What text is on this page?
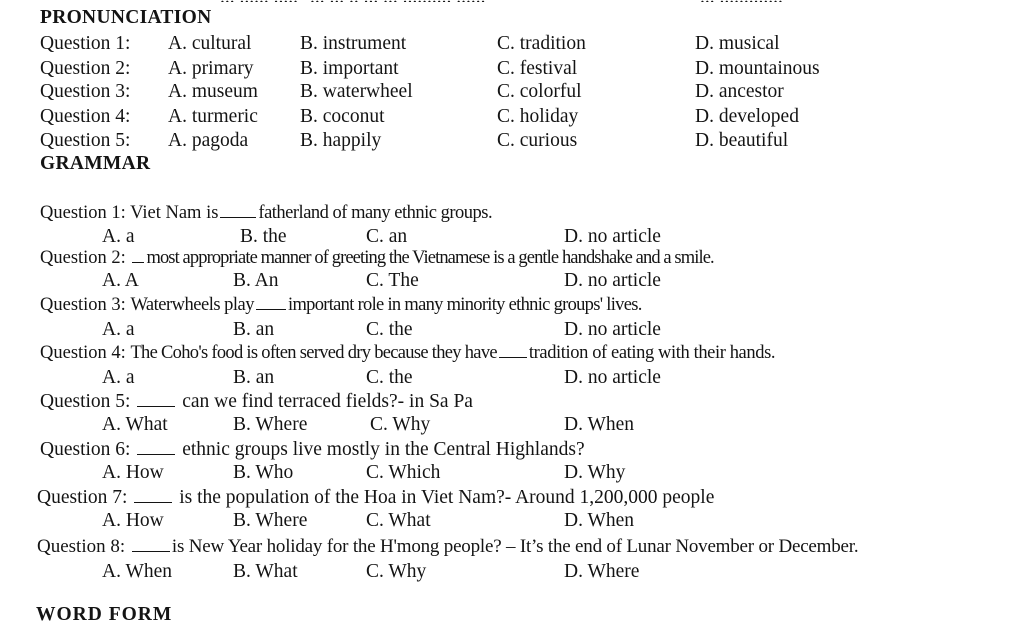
PRONUNCIATION
Question 1: A. cultural B. instrument	C. tradition	D. musical
Question 2: A. primary B. important	C. festival	D. mountainous
Question 3: A. museum B. waterwheel	C. colorful	D. ancestor
Question 4: A. turmeric B. coconut	C. holiday	D. developed
Question 5: A. pagoda	B. happily	C. curious	D. beautiful
GRAMMAR
Question 1: Viet Nam is fatherland of many ethnic groups.
A. a	B. the	C. an	D. no article
Question 2: most appropriate manner of greeting the Vietnamese is a gentle handshake and a smile.
A. A	B. An	C. The	D. no article
Question 3: Waterwheels play important role in many minority ethnic groups' lives.
A. a	B. an	C. the	D. no article
Question 4: The Coho's food is often served dry because they have tradition of eating with their hands.
A. a	B. an	C. the	D. no article
Question 5:	can we find terraced fields?- in Sa Pa
A. What	B. Where	C. Why	D. When
Question 6:	ethnic groups live mostly in the Central Highlands?
A. How	B. Who	C. Which	D. Why
Question 7:	is the population of the Hoa in Viet Nam?- Around 1,200,000 people
A. How	B. Where	C. What	D. When
Question 8: is New Year holiday for the H'mong people? – It’s the end of Lunar November or December.
A. When	B. What	C. Why	D. Where
WORD FORM
